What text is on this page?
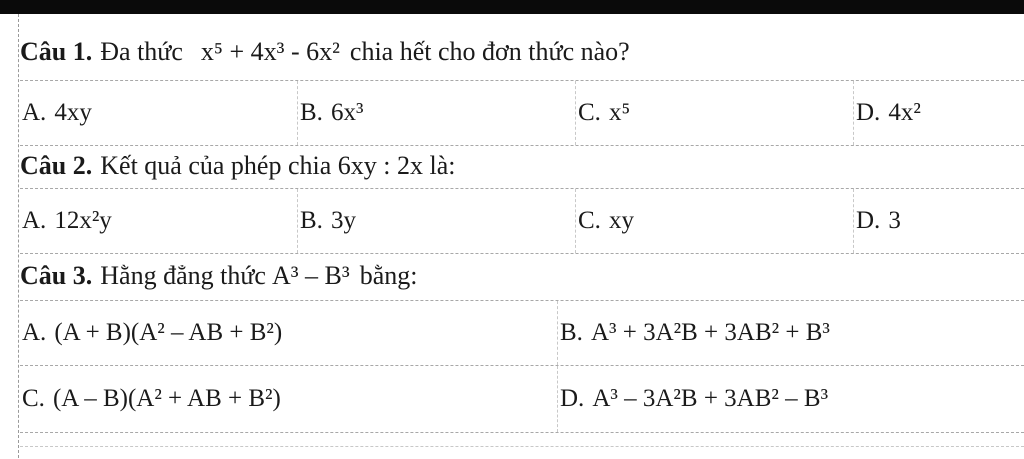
Câu 1. Đa thức x⁵ + 4x³ - 6x² chia hết cho đơn thức nào?
A. 4xy	B. 6x³	C. x⁵	D. 4x²
Câu 2. Kết quả của phép chia 6xy : 2x là:
A. 12x²y	B. 3y	C. xy	D. 3
Câu 3. Hằng đẳng thức A³ – B³ bằng:
A. (A + B)(A² – AB + B²)	B. A³ + 3A²B + 3AB² + B³
C. (A – B)(A² + AB + B²)	D. A³ – 3A²B + 3AB² – B³
